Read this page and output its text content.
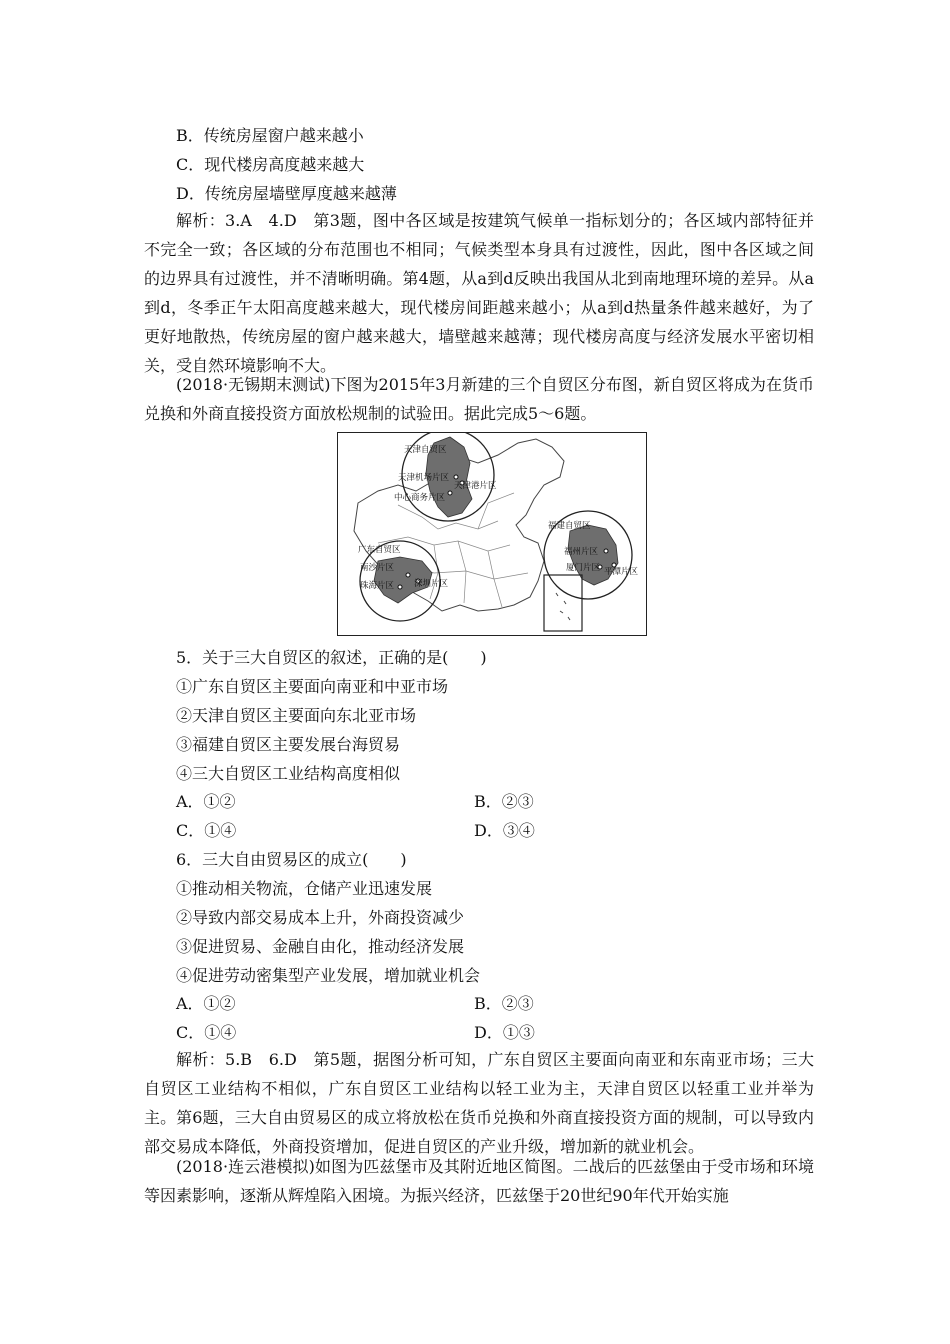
B．传统房屋窗户越来越小
C．现代楼房高度越来越大
D．传统房屋墙壁厚度越来越薄
解析：3.A　4.D　第3题，图中各区域是按建筑气候单一指标划分的；各区域内部特征并不完全一致；各区域的分布范围也不相同；气候类型本身具有过渡性，因此，图中各区域之间的边界具有过渡性，并不清晰明确。第4题，从a到d反映出我国从北到南地理环境的差异。从a到d，冬季正午太阳高度越来越大，现代楼房间距越来越小；从a到d热量条件越来越好，为了更好地散热，传统房屋的窗户越来越大，墙壁越来越薄；现代楼房高度与经济发展水平密切相关，受自然环境影响不大。
(2018·无锡期末测试)下图为2015年3月新建的三个自贸区分布图，新自贸区将成为在货币兑换和外商直接投资方面放松规制的试验田。据此完成5～6题。
天津自贸区
天津机场片区
天津港片区
中心商务片区
福建自贸区
福州片区
厦门片区 平潭片区
广东自贸区
南沙片区
深圳片区
珠海片区
5．关于三大自贸区的叙述，正确的是(　　)
①广东自贸区主要面向南亚和中亚市场
②天津自贸区主要面向东北亚市场
③福建自贸区主要发展台海贸易
④三大自贸区工业结构高度相似
A．①②	B．②③
C．①④	D．③④
6．三大自由贸易区的成立(　　)
①推动相关物流，仓储产业迅速发展
②导致内部交易成本上升，外商投资减少
③促进贸易、金融自由化，推动经济发展
④促进劳动密集型产业发展，增加就业机会
A．①②	B．②③
C．①④	D．①③
解析：5.B　6.D　第5题，据图分析可知，广东自贸区主要面向南亚和东南亚市场；三大自贸区工业结构不相似，广东自贸区工业结构以轻工业为主，天津自贸区以轻重工业并举为主。第6题，三大自由贸易区的成立将放松在货币兑换和外商直接投资方面的规制，可以导致内部交易成本降低，外商投资增加，促进自贸区的产业升级，增加新的就业机会。
(2018·连云港模拟)如图为匹兹堡市及其附近地区简图。二战后的匹兹堡由于受市场和环境等因素影响，逐渐从辉煌陷入困境。为振兴经济，匹兹堡于20世纪90年代开始实施
